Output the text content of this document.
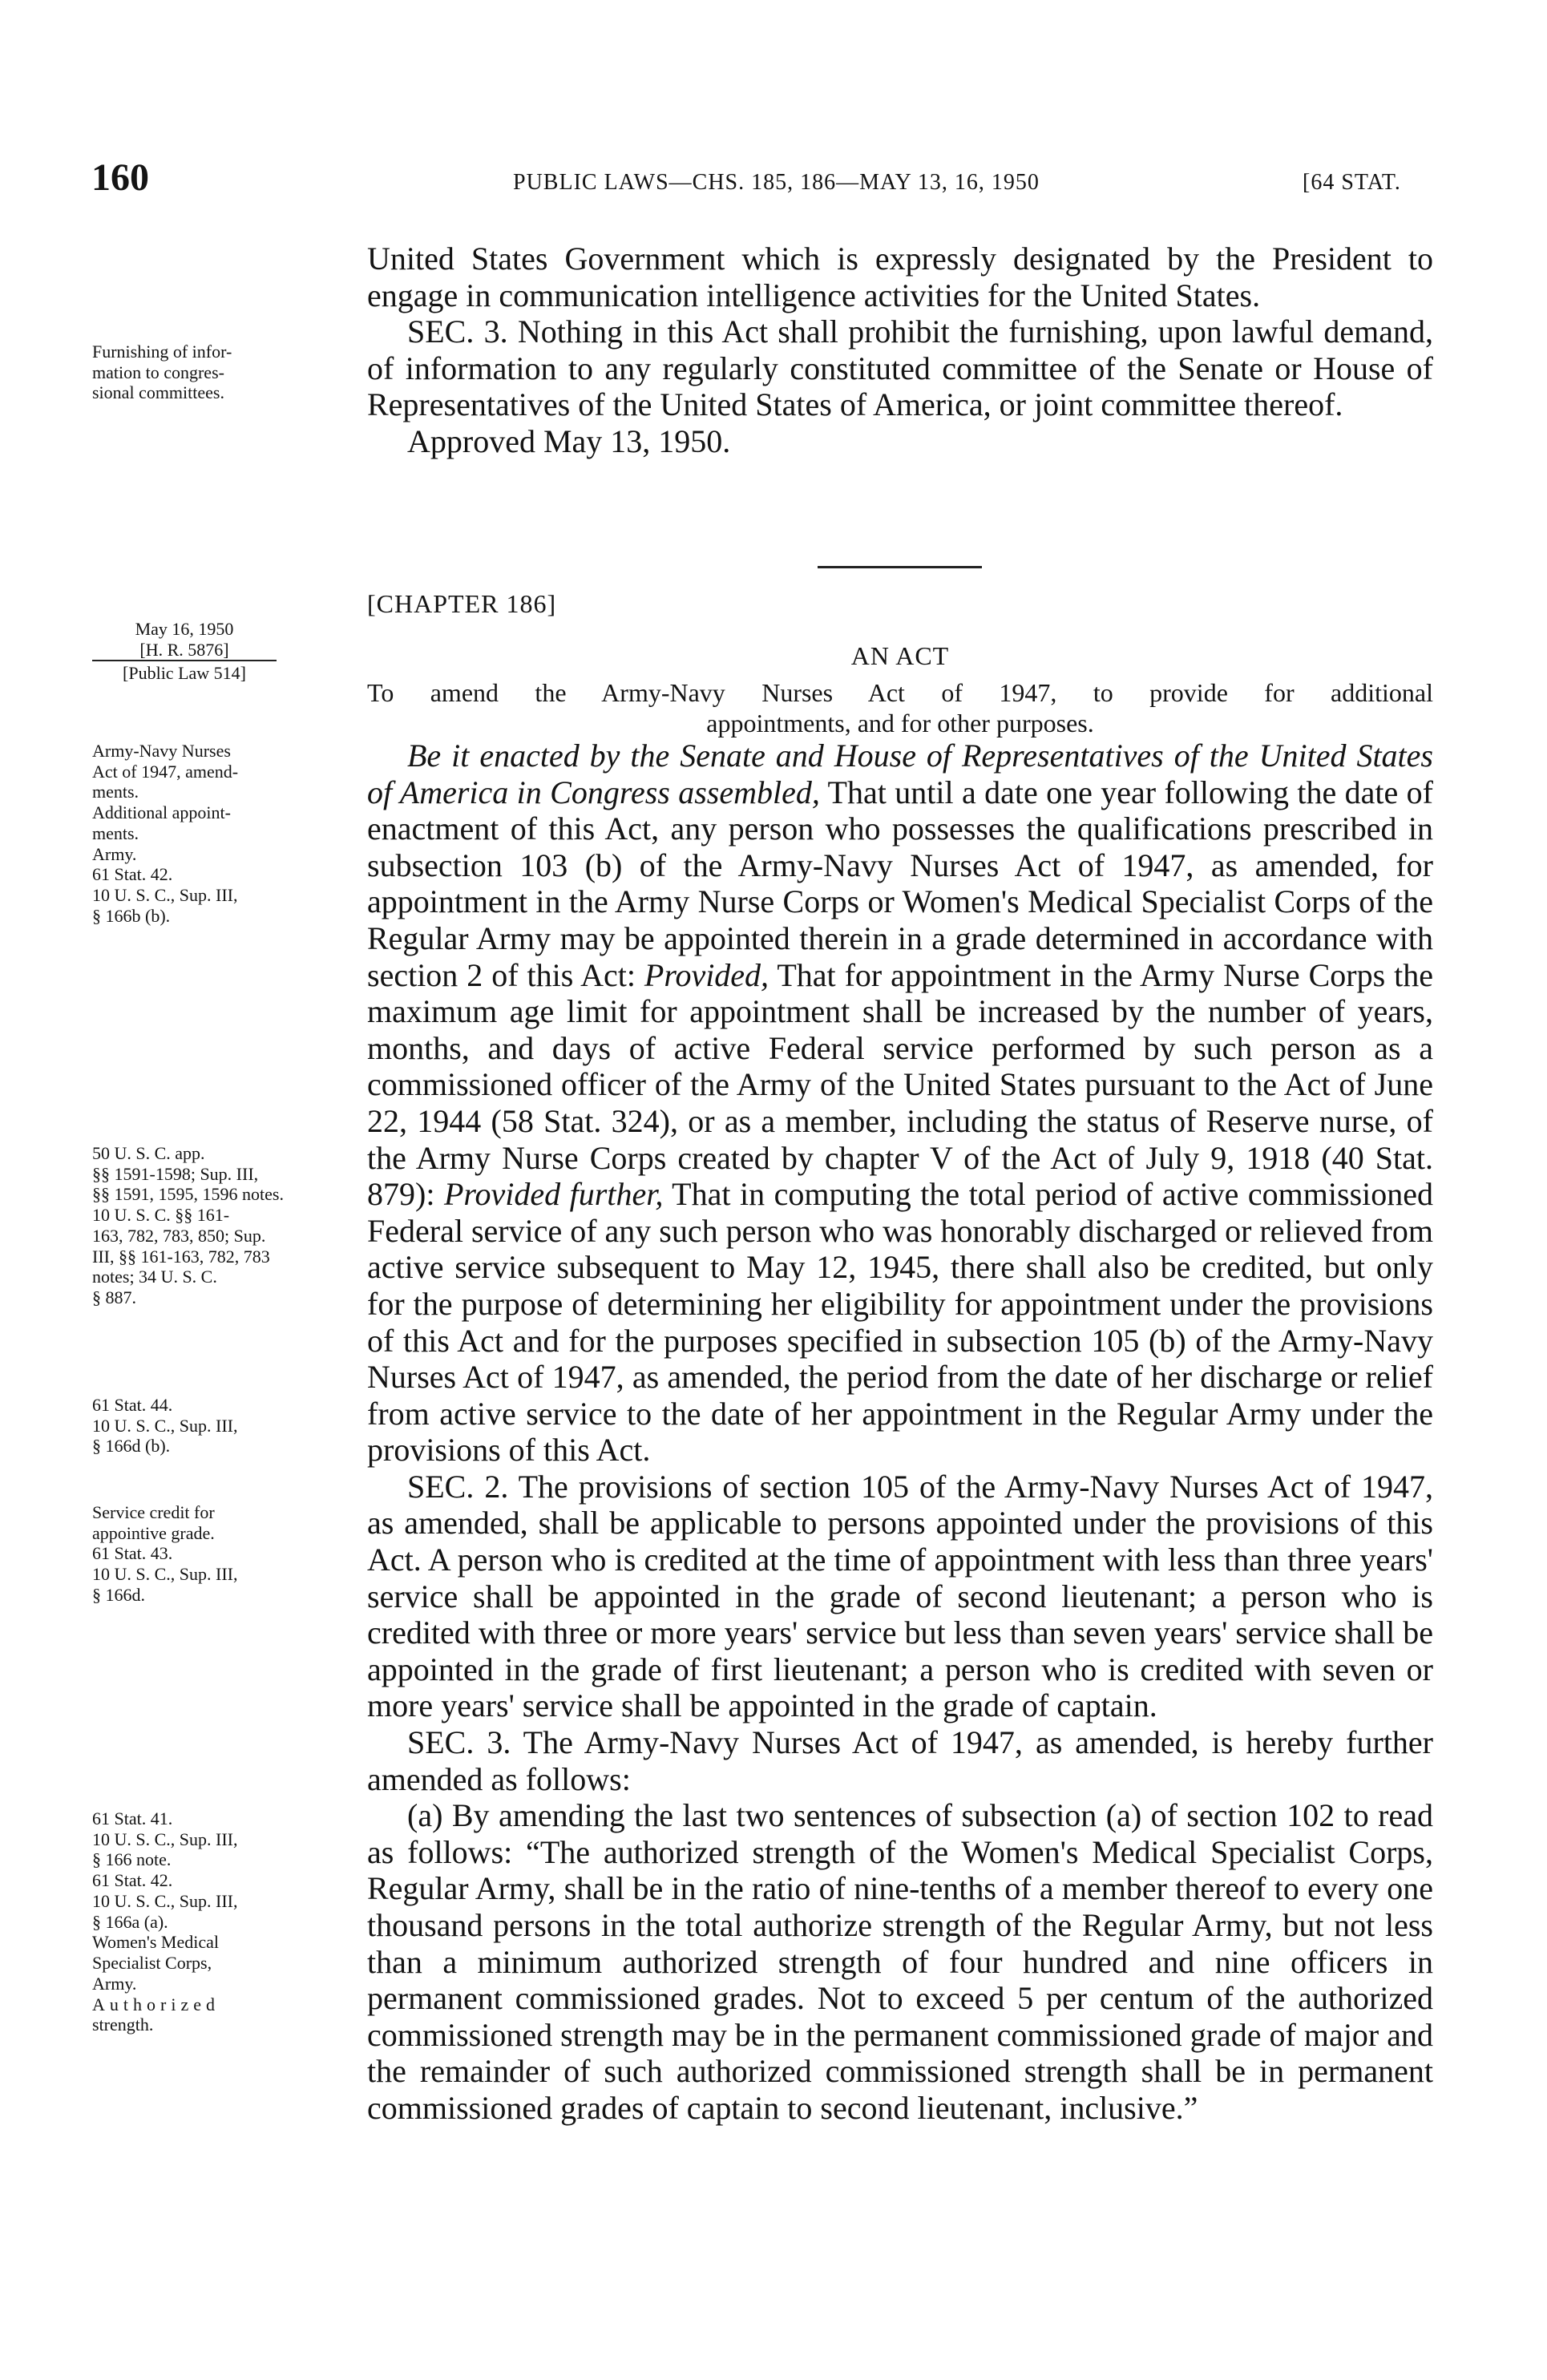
160	PUBLIC LAWS—CHS. 185, 186—MAY 13, 16, 1950	[64 STAT.

United States Government which is expressly designated by the President to engage in communication intelligence activities for the United States.

SEC. 3. Nothing in this Act shall prohibit the furnishing, upon lawful demand, of information to any regularly constituted committee of the Senate or House of Representatives of the United States of America, or joint committee thereof.

Approved May 13, 1950.

Furnishing of infor-
mation to congres-
sional committees.
[CHAPTER 186]
May 16, 1950
[H. R. 5876]
[Public Law 514]
AN ACT
To amend the Army-Navy Nurses Act of 1947, to provide for additional
appointments, and for other purposes.

Be it enacted by the Senate and House of Representatives of the United States of America in Congress assembled, That until a date one year following the date of enactment of this Act, any person who possesses the qualifications prescribed in subsection 103 (b) of the Army-Navy Nurses Act of 1947, as amended, for appointment in the Army Nurse Corps or Women's Medical Specialist Corps of the Regular Army may be appointed therein in a grade determined in accordance with section 2 of this Act: Provided, That for appointment in the Army Nurse Corps the maximum age limit for appointment shall be increased by the number of years, months, and days of active Federal service performed by such person as a commissioned officer of the Army of the United States pursuant to the Act of June 22, 1944 (58 Stat. 324), or as a member, including the status of Reserve nurse, of the Army Nurse Corps created by chapter V of the Act of July 9, 1918 (40 Stat. 879): Provided further, That in computing the total period of active commissioned Federal service of any such person who was honorably discharged or relieved from active service subsequent to May 12, 1945, there shall also be credited, but only for the purpose of determining her eligibility for appointment under the provisions of this Act and for the purposes specified in subsection 105 (b) of the Army-Navy Nurses Act of 1947, as amended, the period from the date of her discharge or relief from active service to the date of her appointment in the Regular Army under the provisions of this Act.

SEC. 2. The provisions of section 105 of the Army-Navy Nurses Act of 1947, as amended, shall be applicable to persons appointed under the provisions of this Act. A person who is credited at the time of appointment with less than three years' service shall be appointed in the grade of second lieutenant; a person who is credited with three or more years' service but less than seven years' service shall be appointed in the grade of first lieutenant; a person who is credited with seven or more years' service shall be appointed in the grade of captain.

SEC. 3. The Army-Navy Nurses Act of 1947, as amended, is hereby further amended as follows:

(a) By amending the last two sentences of subsection (a) of section 102 to read as follows: “The authorized strength of the Women's Medical Specialist Corps, Regular Army, shall be in the ratio of nine-tenths of a member thereof to every one thousand persons in the total authorize strength of the Regular Army, but not less than a minimum authorized strength of four hundred and nine officers in permanent commissioned grades. Not to exceed 5 per centum of the authorized commissioned strength may be in the permanent commissioned grade of major and the remainder of such authorized commissioned strength shall be in permanent commissioned grades of captain to second lieutenant, inclusive.”

Army-Navy Nurses
Act of 1947, amend-
ments.
Additional appoint-
ments.
Army.
61 Stat. 42.
10 U. S. C., Sup. III,
§ 166b (b).
50 U. S. C. app.
§§ 1591-1598; Sup. III,
§§ 1591, 1595, 1596 notes.
10 U. S. C. §§ 161-
163, 782, 783, 850; Sup.
III, §§ 161-163, 782, 783
notes; 34 U. S. C.
§ 887.
61 Stat. 44.
10 U. S. C., Sup. III,
§ 166d (b).
Service credit for
appointive grade.
61 Stat. 43.
10 U. S. C., Sup. III,
§ 166d.
61 Stat. 41.
10 U. S. C., Sup. III,
§ 166 note.
61 Stat. 42.
10 U. S. C., Sup. III,
§ 166a (a).
Women's Medical
Specialist Corps,
Army.
Authorized
strength.
